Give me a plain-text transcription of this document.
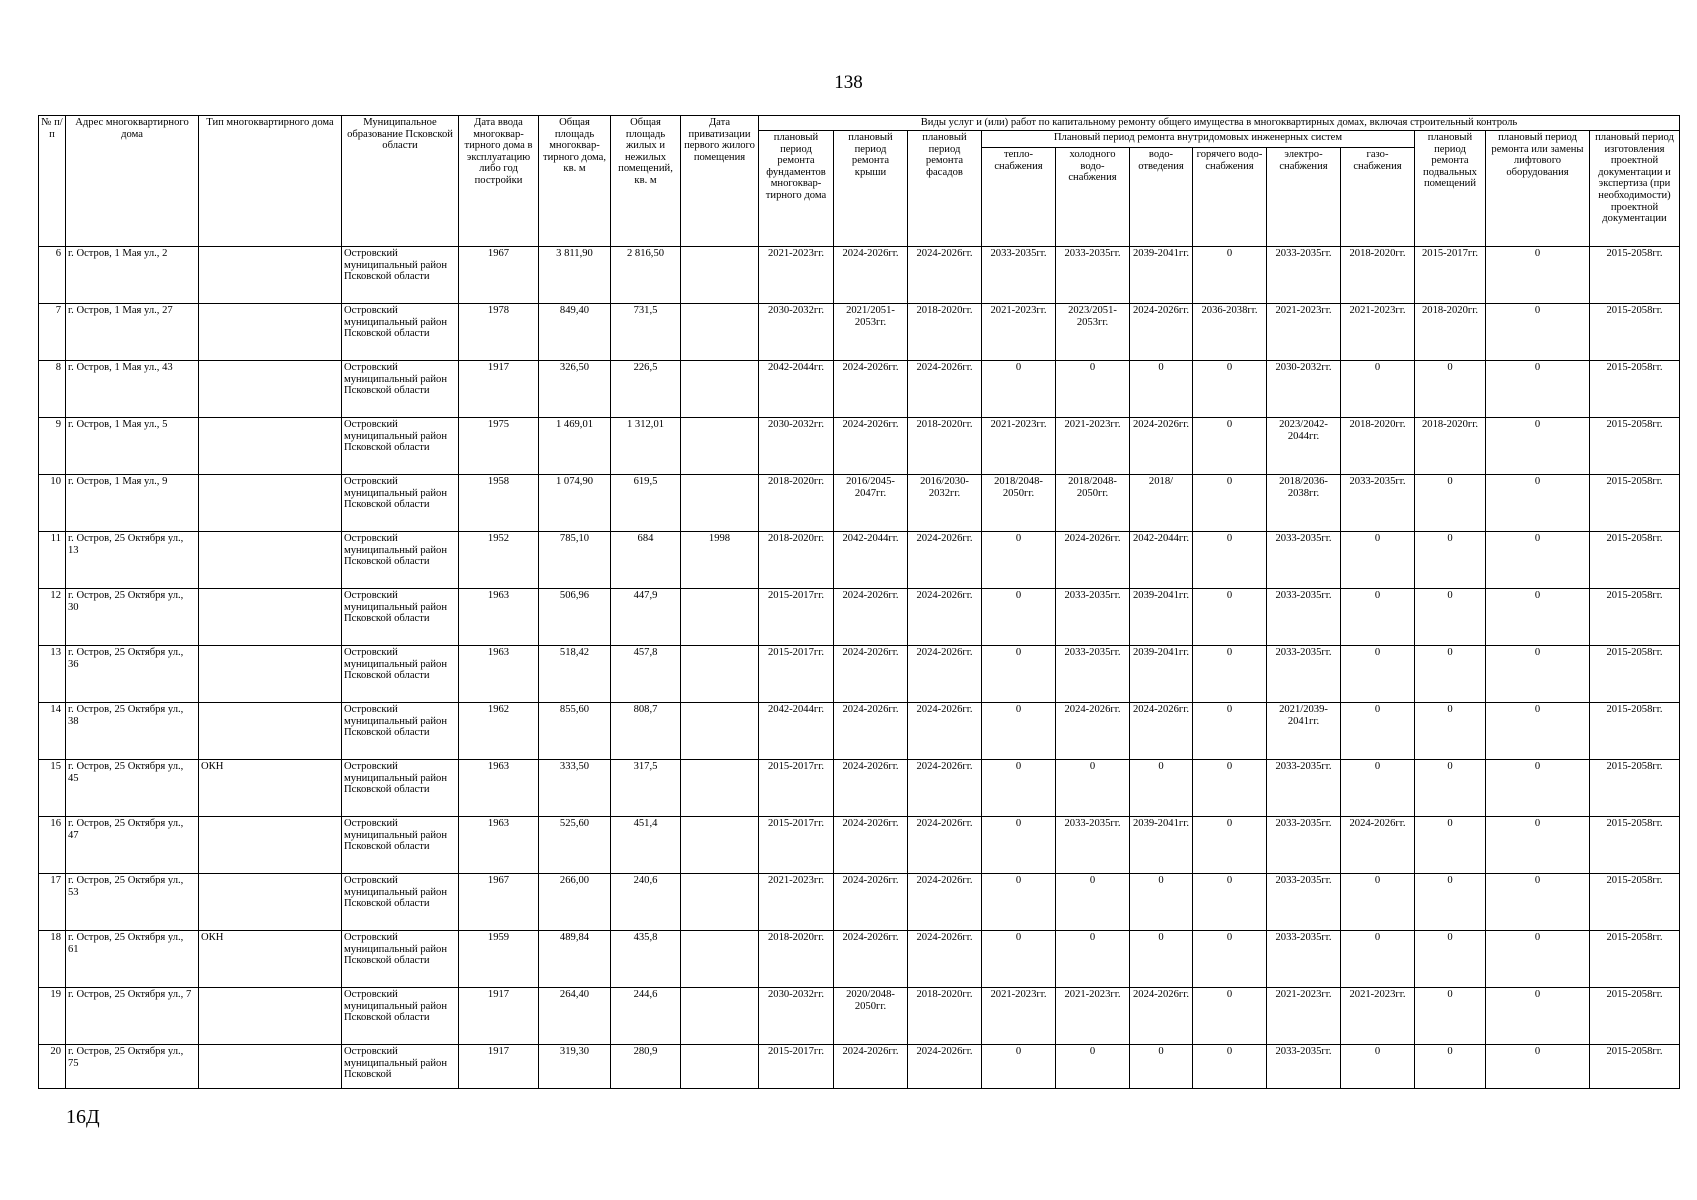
138
№ п/п	Адрес многоквартирного дома	Тип многоквартирного дома	Муниципальное образование Псковской области	Дата ввода многоквар-тирного дома в эксплуатацию либо год постройки	Общая площадь многоквар-тирного дома, кв. м	Общая площадь жилых и нежилых помещений, кв. м	Дата приватизации первого жилого помещения	Виды услуг и (или) работ по капитальному ремонту общего имущества в многоквартирных домах, включая строительный контроль											
								плановый период ремонта фундаментов многоквар-тирного дома	плановый период ремонта крыши	плановый период ремонта фасадов	Плановый период ремонта внутридомовых инженерных систем						плановый период ремонта подвальных помещений	плановый период ремонта или замены лифтового оборудования	плановый период изготовления проектной документации и экспертиза (при необходимости) проектной документации
											тепло-снабжения	холодного водо-снабжения	водо-отведения	горячего водо-снабжения	электро-снабжения	газо-снабжения			
6	г. Остров, 1 Мая ул., 2		Островский муниципальный район Псковской области	1967	3 811,90	2 816,50		2021-2023гг.	2024-2026гг.	2024-2026гг.	2033-2035гг.	2033-2035гг.	2039-2041гг.	0	2033-2035гг.	2018-2020гг.	2015-2017гг.	0	2015-2058гг.
7	г. Остров, 1 Мая ул., 27		Островский муниципальный район Псковской области	1978	849,40	731,5		2030-2032гг.	2021/2051-2053гг.	2018-2020гг.	2021-2023гг.	2023/2051-2053гг.	2024-2026гг.	2036-2038гг.	2021-2023гг.	2021-2023гг.	2018-2020гг.	0	2015-2058гг.
8	г. Остров, 1 Мая ул., 43		Островский муниципальный район Псковской области	1917	326,50	226,5		2042-2044гг.	2024-2026гг.	2024-2026гг.	0	0	0	0	2030-2032гг.	0	0	0	2015-2058гг.
9	г. Остров, 1 Мая ул., 5		Островский муниципальный район Псковской области	1975	1 469,01	1 312,01		2030-2032гг.	2024-2026гг.	2018-2020гг.	2021-2023гг.	2021-2023гг.	2024-2026гг.	0	2023/2042-2044гг.	2018-2020гг.	2018-2020гг.	0	2015-2058гг.
10	г. Остров, 1 Мая ул., 9		Островский муниципальный район Псковской области	1958	1 074,90	619,5		2018-2020гг.	2016/2045-2047гг.	2016/2030-2032гг.	2018/2048-2050гг.	2018/2048-2050гг.	2018/	0	2018/2036-2038гг.	2033-2035гг.	0	0	2015-2058гг.
11	г. Остров, 25 Октября ул., 13		Островский муниципальный район Псковской области	1952	785,10	684	1998	2018-2020гг.	2042-2044гг.	2024-2026гг.	0	2024-2026гг.	2042-2044гг.	0	2033-2035гг.	0	0	0	2015-2058гг.
12	г. Остров, 25 Октября ул., 30		Островский муниципальный район Псковской области	1963	506,96	447,9		2015-2017гг.	2024-2026гг.	2024-2026гг.	0	2033-2035гг.	2039-2041гг.	0	2033-2035гг.	0	0	0	2015-2058гг.
13	г. Остров, 25 Октября ул., 36		Островский муниципальный район Псковской области	1963	518,42	457,8		2015-2017гг.	2024-2026гг.	2024-2026гг.	0	2033-2035гг.	2039-2041гг.	0	2033-2035гг.	0	0	0	2015-2058гг.
14	г. Остров, 25 Октября ул., 38		Островский муниципальный район Псковской области	1962	855,60	808,7		2042-2044гг.	2024-2026гг.	2024-2026гг.	0	2024-2026гг.	2024-2026гг.	0	2021/2039-2041гг.	0	0	0	2015-2058гг.
15	г. Остров, 25 Октября ул., 45	ОКН	Островский муниципальный район Псковской области	1963	333,50	317,5		2015-2017гг.	2024-2026гг.	2024-2026гг.	0	0	0	0	2033-2035гг.	0	0	0	2015-2058гг.
16	г. Остров, 25 Октября ул., 47		Островский муниципальный район Псковской области	1963	525,60	451,4		2015-2017гг.	2024-2026гг.	2024-2026гг.	0	2033-2035гг.	2039-2041гг.	0	2033-2035гг.	2024-2026гг.	0	0	2015-2058гг.
17	г. Остров, 25 Октября ул., 53		Островский муниципальный район Псковской области	1967	266,00	240,6		2021-2023гг.	2024-2026гг.	2024-2026гг.	0	0	0	0	2033-2035гг.	0	0	0	2015-2058гг.
18	г. Остров, 25 Октября ул., 61	ОКН	Островский муниципальный район Псковской области	1959	489,84	435,8		2018-2020гг.	2024-2026гг.	2024-2026гг.	0	0	0	0	2033-2035гг.	0	0	0	2015-2058гг.
19	г. Остров, 25 Октября ул., 7		Островский муниципальный район Псковской области	1917	264,40	244,6		2030-2032гг.	2020/2048-2050гг.	2018-2020гг.	2021-2023гг.	2021-2023гг.	2024-2026гг.	0	2021-2023гг.	2021-2023гг.	0	0	2015-2058гг.
20	г. Остров, 25 Октября ул., 75		Островский муниципальный район Псковской	1917	319,30	280,9		2015-2017гг.	2024-2026гг.	2024-2026гг.	0	0	0	0	2033-2035гг.	0	0	0	2015-2058гг.
16Д
